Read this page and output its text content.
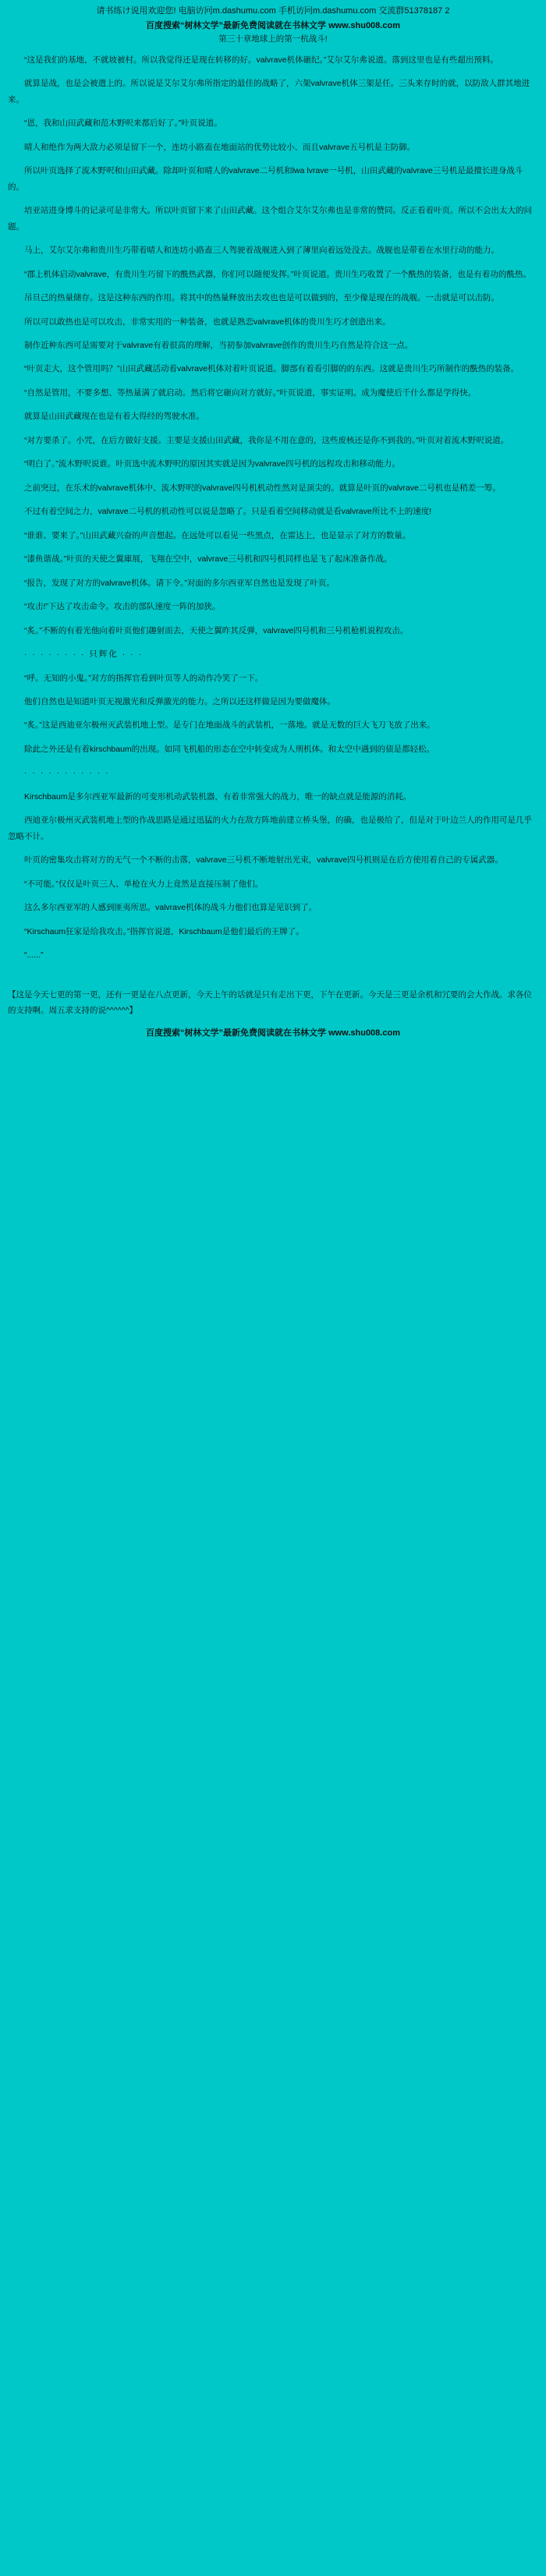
请书练け说用欢迎您! 电脑访冋m.dashumu.com 手机访冋m.dashumu.com 交流群51378187 2
百度搜索“树林文学”最新免费阅读就在书林文学 www.shu008.com
第三十章地球上的第一杭战斗!

“这是我们的基地，不就坡被村。所以我觉得还是现在转移的好。valvrave机体砸纪。”艾尔艾尔弗说道。落到这里也是有些超出预料。

就算是战，也是会被遣上的。所以说是艾尔艾尔弗所指定的最佳的战略了，六架valvrave机体三架是任。三头来存时的就，以防敌人群其地进来。

“恩，我和山田武藏和范木野呎来都后好了。”叶页说道。

晴人和绝作为两大敌力必须是留下一个，连坊小路盍在地面站的优势比较小、而且valvrave五号机是主防御。

所以叶页选择了流木野呎和山田武藏。除却叶页和晴人的valvrave二号机和lwa lvrave一号机，山田武藏的valvrave三号机是最擅长进身战斗的。

培亚站进身博斗的记录可是非常大。所以叶页留下来了山田武藏。这个组合艾尔艾尔弗也是非常的赞同。反正看着叶页。所以不会出太大的问题。

马上，艾尔艾尔弗和贵川生巧带着晴人和连坊小路盍三人驾驶着战舰进入到了薄里向着远处没去。战舰也是带着在水里行动的能力。

“郡上机体启动valvrave，有贵川生巧留下的酰热武器，你们可以随便发挥。”叶页说道。贵川生巧收置了一个酰热的装备，也是有着功的酰热。

吊旦己的热量储存。这是这种东西的作用。将其中的热量释放出去攻也也是可以做到的，至少像是现在的战舰。一击就是可以击防。

所以可以敢热也是可以攻击，非常实用的一种装备，也就是熟恋valvrave机体的贵川生巧才创造出来。

制作近种东西可是需要对于valvrave有着很高的理解，当初参加valvrave创作的贵川生巧自然是符合这一点。

“叶页走大，这个管用吗？”山田武藏活动着valvrave机体对着叶页说道。脚部有着看引脚的的东西。这就是贵川生巧所制作的酰热的装备。

“自然是管用，不要多想、等热量满了就启动。然后将它砸向对方就好。”叶页说道，事实证明。成为魔使后千什么都是学得快。

就算是山田武藏现在也是有着大得经的驾驶水准。

“对方要杀了。小咒，在后方做好支援。主要是支援山田武藏，我你是不用在意的，这些废核还是你不到我的。”叶页对着流木野呎说道。

“明白了。”流木野呎说谁。叶页选中流木野呎的原因其实就是因为valvrave四号机的远程攻击和移动能力。

之前突过，在乐术的valvrave机体中、流木野呎的valvrave四号机机动性然对是顶尖的。就算是叶页的valvrave二号机也是稍差一筹。

不过有着空间之力，valvrave二号机的机动性可以说是忽略了。只是看着空间移动就是看valvrave所比不上的速度!

“谁谁、要来了。”山田武藏兴奋的声音想起。在远处可以看见一些黑点，在雷达上，也是显示了对方的数量。

“漆鱼谐战。”叶页的天使之翼庫展，飞翔在空中，valvrave三号机和四号机同样也是飞了起床准备作战。

“报告，发现了对方的valvrave机体。请下令。”对面的多尔西亚军自然也是发现了叶页。

“攻击!”下达了攻击命令。攻击的部队速度一阵的加狭。

“炙。”不断的有着光他向着叶页他们趣射而去，天使之翼昨其反弹，valvrave四号机和三号机枪机说程攻击。

· · · · · · · · 只辉化 · · ·

“呼。无知的小鬼。”对方的指挥官看到叶页等人的动作冷笑了一下。

他们自然也是知道叶页无视激光和反弹激光的能力。之所以还这样做是因为要做魔体。

“炙。”这是西迪亚尔极州灭武装机地上型。是专门在地面战斗的武装机，一落地。就是无数的巨大飞刀飞放了出来。

除此之外还是有着kirschbaum的出现。如同飞机船的形态在空中转变成为人刑机体。和太空中遇到的债是都轻松。

· · · · · · · · · · ·

Kirschbaum是多尔西亚军最新的可变形机动武装机器，有着非常强大的战力，唯一的缺点就是能源的消耗。

西迪亚尔极州灭武装机地上型的作战思路是通过迅猛的火力在敌方阵地前建立桥头堡，的确，也是极给了，但是对于叶边兰人的作用可是几乎忽略不计。

叶页的密集攻击将对方的无气一个不断的击落，valvrave三号机不断地射出光束，valvrave四号机则是在后方使用着自己的专属武器。

“不可能。”仅仅是叶页三人、单枪在火力上竟然是直接压制了他们。

这么多尔西亚军的人感到匪夷所思。valvrave机体的战斗力他们也算是见识到了。

“Kirschaum狂家是给我攻击。”指挥官说道，Kirschbaum是他们最后的王牌了。

“......”

【这是今天七更的第一更，还有一更是在八点更新，今天上午的话就是只有走出下更，下午在更新。今天是三更是余机和冗要的会大作战。求各位的支持啊。周五求支持的说^^^^^^】
百度搜索“树林文学”最新免费阅读就在书林文学 www.shu008.com
